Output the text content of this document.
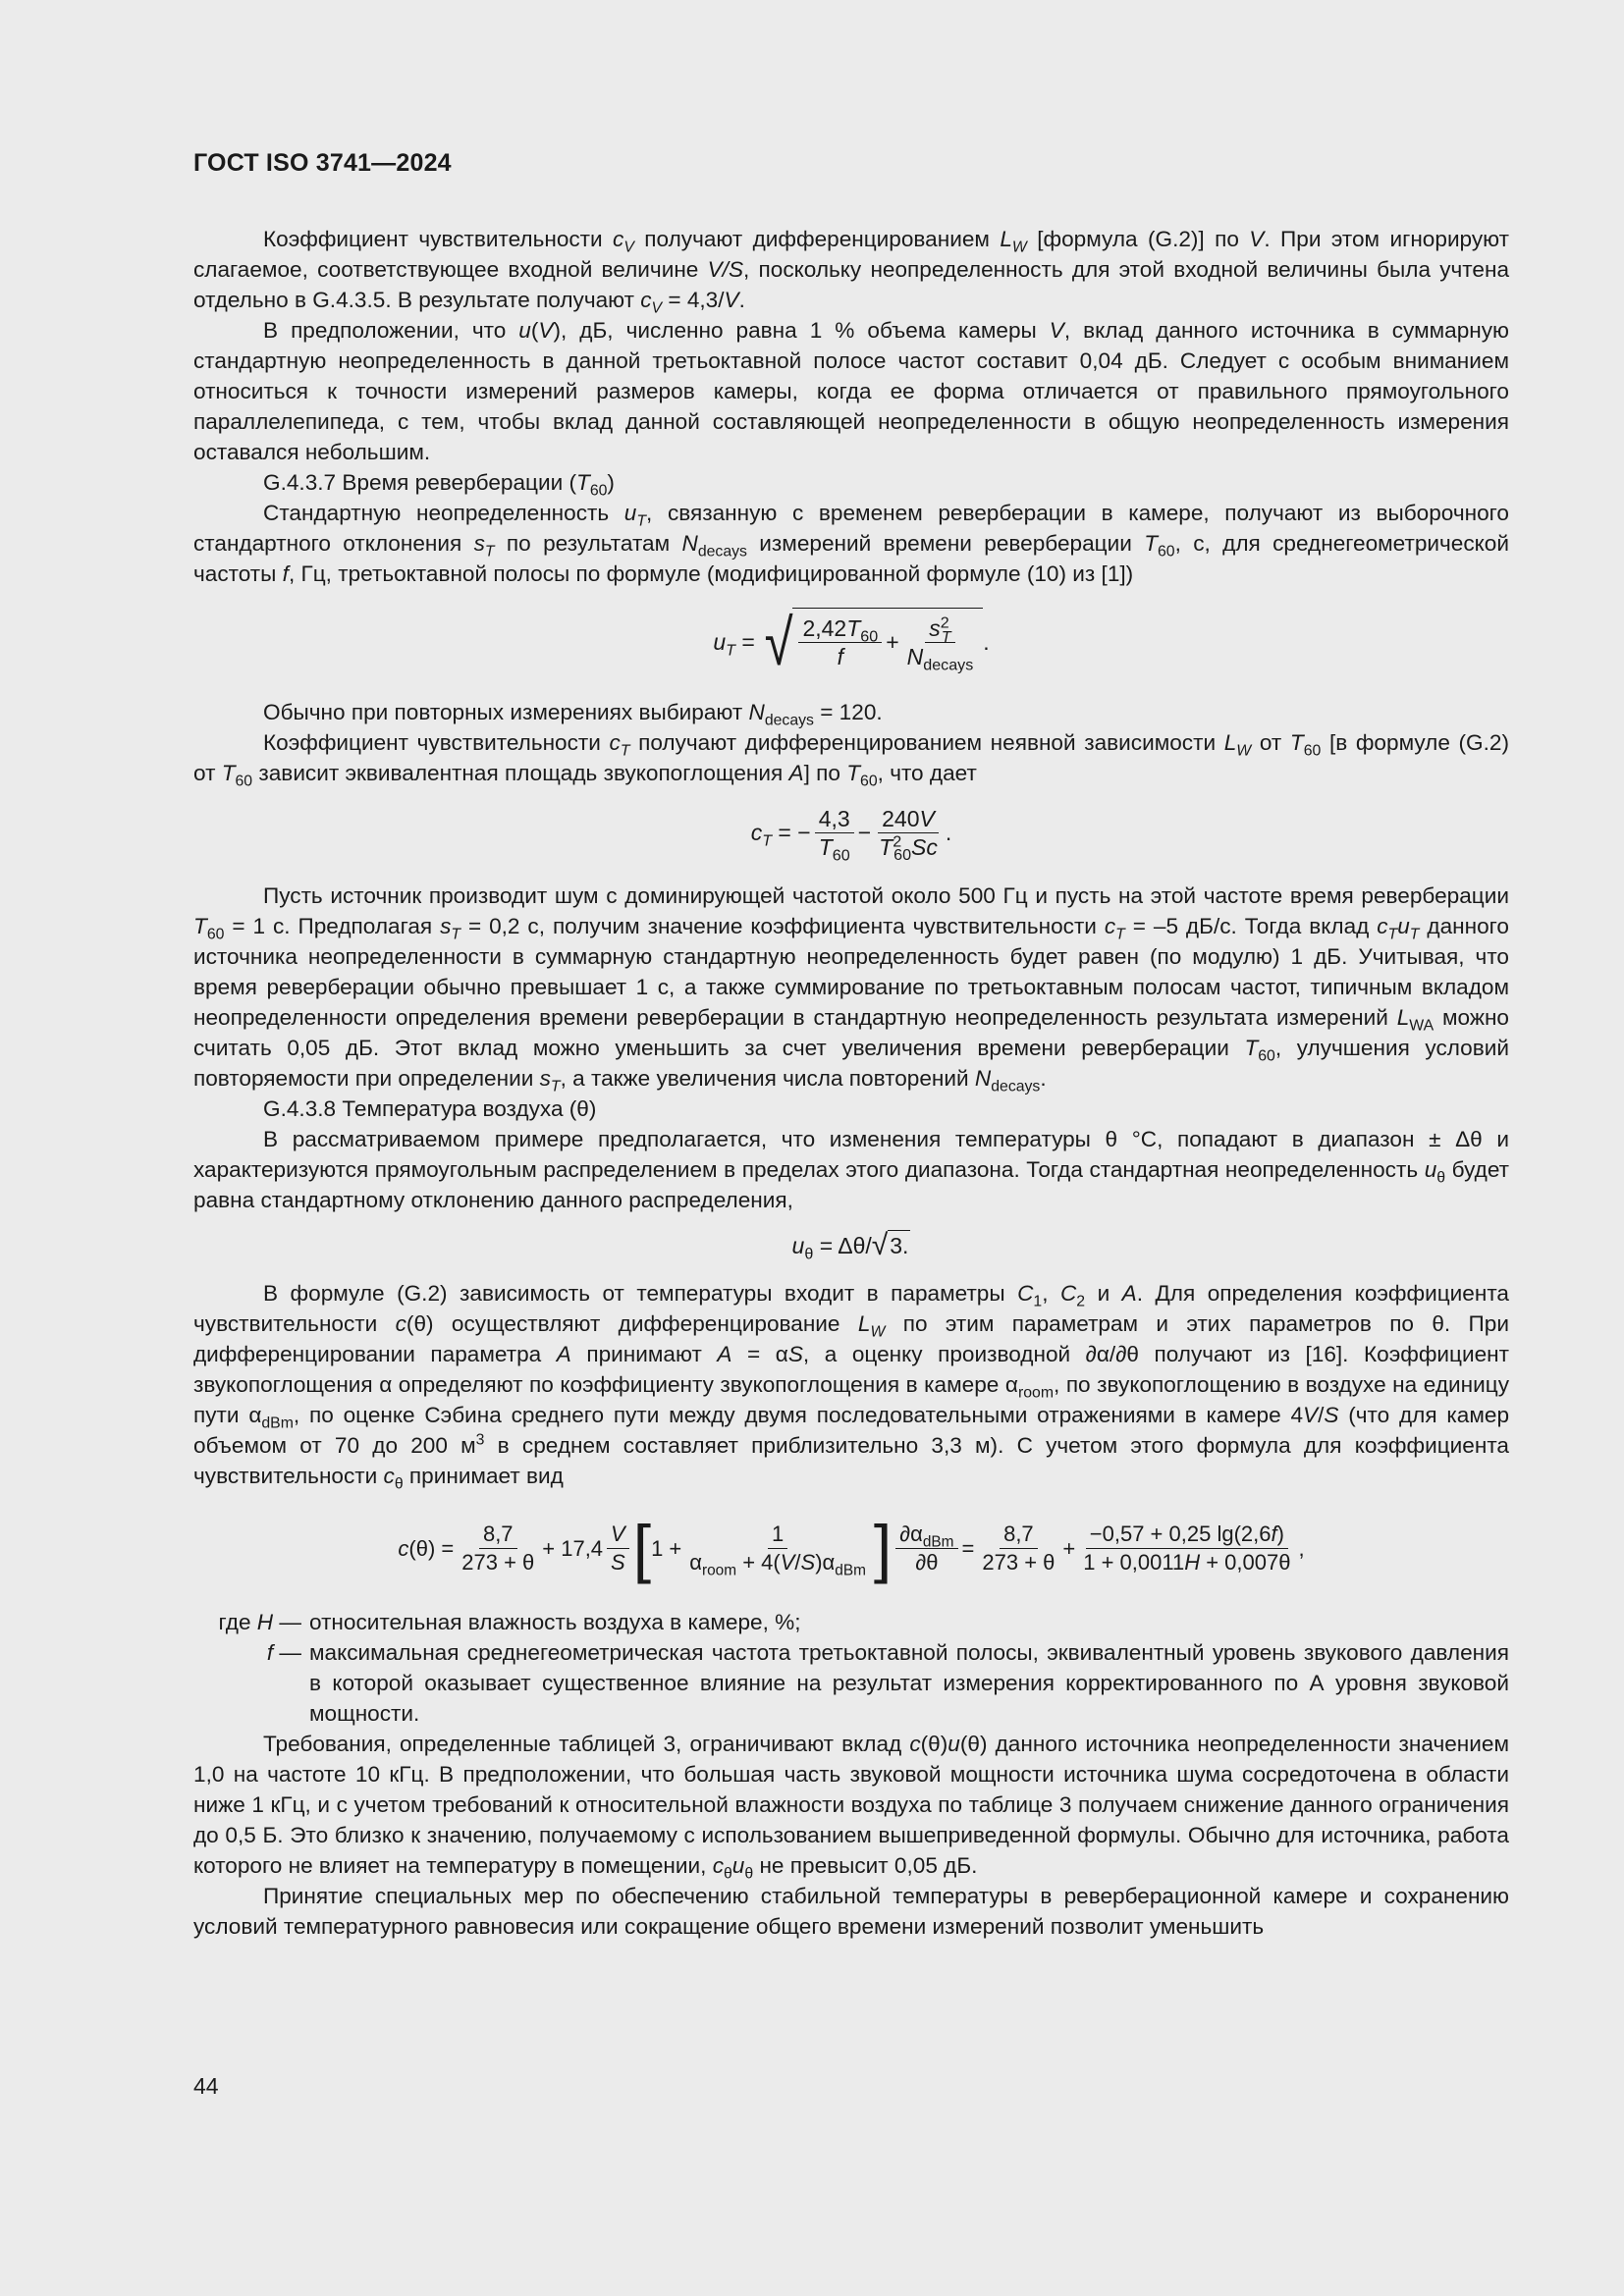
ГОСТ ISO 3741—2024

Коэффициент чувствительности $c_V$ получают дифференцированием $L_W$ [формула (G.2)] по V. При этом игнорируют слагаемое, соответствующее входной величине V/S, поскольку неопределенность для этой входной величины была учтена отдельно в G.4.3.5. В результате получают $c_V = 4,3/V$.

В предположении, что u(V), дБ, численно равна 1 % объема камеры V, вклад данного источника в суммарную стандартную неопределенность в данной третьоктавной полосе частот составит 0,04 дБ. Следует с особым вниманием относиться к точности измерений размеров камеры, когда ее форма отличается от правильного прямоугольного параллелепипеда, с тем, чтобы вклад данной составляющей неопределенности в общую неопределенность измерения оставался небольшим.

G.4.3.7 Время реверберации $(T_{60})$

Стандартную неопределенность $u_T$, связанную с временем реверберации в камере, получают из выборочного стандартного отклонения $s_T$ по результатам $N_{decays}$ измерений времени реверберации $T_{60}$, с, для среднегеометрической частоты f, Гц, третьоктавной полосы по формуле (модифицированной формуле (10) из [1])

$u_T$ = √ $\frac{2,42T_{60}}{f} + \frac{s^2_T}{N_{decays}}$ .

Обычно при повторных измерениях выбирают $N_{decays} = 120$.

Коэффициент чувствительности $c_T$ получают дифференцированием неявной зависимости $L_W$ от $T_{60}$ [в формуле (G.2) от $T_{60}$ зависит эквивалентная площадь звукопоглощения A] по $T_{60}$, что дает

$c_T$ = − $\frac{4,3}{T_{60}} - \frac{240V}{T^2_{60}Sc}$ .

Пусть источник производит шум с доминирующей частотой около 500 Гц и пусть на этой частоте время реверберации $T_{60} = 1$ с. Предполагая $s_T = 0,2$ с, получим значение коэффициента чувствительности $c_T = -5$ дБ/с. Тогда вклад $c_Tu_T$ данного источника неопределенности в суммарную стандартную неопределенность будет равен (по модулю) 1 дБ. Учитывая, что время реверберации обычно превышает 1 с, а также суммирование по третьоктавным полосам частот, типичным вкладом неопределенности определения времени реверберации в стандартную неопределенность результата измерений $L_{WA}$ можно считать 0,05 дБ. Этот вклад можно уменьшить за счет увеличения времени реверберации $T_{60}$, улучшения условий повторяемости при определении $s_T$, а также увеличения числа повторений $N_{decays}$.

G.4.3.8 Температура воздуха (θ)

В рассматриваемом примере предполагается, что изменения температуры θ °C, попадают в диапазон ± Δθ и характеризуются прямоугольным распределением в пределах этого диапазона. Тогда стандартная неопределенность $u_\theta$ будет равна стандартному отклонению данного распределения,

$u_\theta = \Delta\theta/$ √ 3.

В формуле (G.2) зависимость от температуры входит в параметры $C_1$, $C_2$ и A. Для определения коэффициента чувствительности c(θ) осуществляют дифференцирование $L_W$ по этим параметрам и этих параметров по θ. При дифференцировании параметра A принимают A = αS, а оценку производной ∂α/∂θ получают из [16]. Коэффициент звукопоглощения α определяют по коэффициенту звукопоглощения в камере $\alpha_{room}$, по звукопоглощению в воздухе на единицу пути $\alpha_{dBm}$, по оценке Сэбина среднего пути между двумя последовательными отражениями в камере 4V/S (что для камер объемом от 70 до 200 $м^3$ в среднем составляет приблизительно 3,3 м). С учетом этого формула для коэффициента чувствительности $c_\theta$ принимает вид

$c(\theta) = \frac{8,7}{273 + \theta} + 17,4 \frac{V}{S}$ [ $1 + \frac{1}{\alpha_{room} + 4(V/S)\alpha_{dBm}}$ ] $\frac{\partial\alpha_{dBm}}{\partial\theta} = \frac{8,7}{273 + \theta} + \frac{-0,57 + 0,25 \lg(2,6f)}{1 + 0,0011H + 0,007\theta}$ ,
где H — относительная влажность воздуха в камере, %;
f — максимальная среднегеометрическая частота третьоктавной полосы, эквивалентный уровень звукового давления в которой оказывает существенное влияние на результат измерения корректированного по А уровня звуковой мощности.

Требования, определенные таблицей 3, ограничивают вклад c(θ)u(θ) данного источника неопределенности значением 1,0 на частоте 10 кГц. В предположении, что большая часть звуковой мощности источника шума сосредоточена в области ниже 1 кГц, и с учетом требований к относительной влажности воздуха по таблице 3 получаем снижение данного ограничения до 0,5 Б. Это близко к значению, получаемому с использованием вышеприведенной формулы. Обычно для источника, работа которого не влияет на температуру в помещении, $c_\theta u_\theta$ не превысит 0,05 дБ.

Принятие специальных мер по обеспечению стабильной температуры в реверберационной камере и сохранению условий температурного равновесия или сокращение общего времени измерений позволит уменьшить

44
